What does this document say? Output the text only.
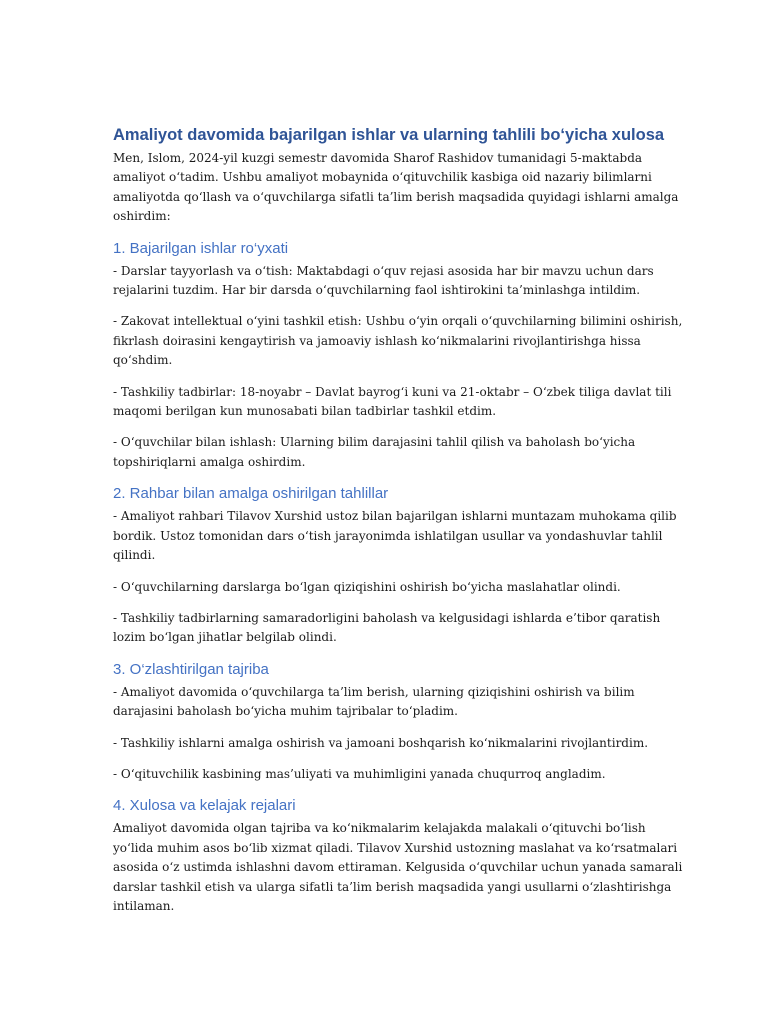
Amaliyot davomida bajarilgan ishlar va ularning tahlili bo‘yicha xulosa

Men, Islom, 2024-yil kuzgi semestr davomida Sharof Rashidov tumanidagi 5-maktabda amaliyot o‘tadim. Ushbu amaliyot mobaynida o‘qituvchilik kasbiga oid nazariy bilimlarni amaliyotda qo‘llash va o‘quvchilarga sifatli ta’lim berish maqsadida quyidagi ishlarni amalga oshirdim:

1. Bajarilgan ishlar ro‘yxati

- Darslar tayyorlash va o‘tish: Maktabdagi o‘quv rejasi asosida har bir mavzu uchun dars rejalarini tuzdim. Har bir darsda o‘quvchilarning faol ishtirokini ta’minlashga intildim.

- Zakovat intellektual o‘yini tashkil etish: Ushbu o‘yin orqali o‘quvchilarning bilimini oshirish, fikrlash doirasini kengaytirish va jamoaviy ishlash ko‘nikmalarini rivojlantirishga hissa qo‘shdim.

- Tashkiliy tadbirlar: 18-noyabr – Davlat bayrog‘i kuni va 21-oktabr – O‘zbek tiliga davlat tili maqomi berilgan kun munosabati bilan tadbirlar tashkil etdim.

- O‘quvchilar bilan ishlash: Ularning bilim darajasini tahlil qilish va baholash bo‘yicha topshiriqlarni amalga oshirdim.

2. Rahbar bilan amalga oshirilgan tahlillar

- Amaliyot rahbari Tilavov Xurshid ustoz bilan bajarilgan ishlarni muntazam muhokama qilib bordik. Ustoz tomonidan dars o‘tish jarayonimda ishlatilgan usullar va yondashuvlar tahlil qilindi.

- O‘quvchilarning darslarga bo‘lgan qiziqishini oshirish bo‘yicha maslahatlar olindi.

- Tashkiliy tadbirlarning samaradorligini baholash va kelgusidagi ishlarda e’tibor qaratish lozim bo‘lgan jihatlar belgilab olindi.

3. O‘zlashtirilgan tajriba

- Amaliyot davomida o‘quvchilarga ta’lim berish, ularning qiziqishini oshirish va bilim darajasini baholash bo‘yicha muhim tajribalar to‘pladim.

- Tashkiliy ishlarni amalga oshirish va jamoani boshqarish ko‘nikmalarini rivojlantirdim.

- O‘qituvchilik kasbining mas’uliyati va muhimligini yanada chuqurroq angladim.

4. Xulosa va kelajak rejalari

Amaliyot davomida olgan tajriba va ko‘nikmalarim kelajakda malakali o‘qituvchi bo‘lish yo‘lida muhim asos bo‘lib xizmat qiladi. Tilavov Xurshid ustozning maslahat va ko‘rsatmalari asosida o‘z ustimda ishlashni davom ettiraman. Kelgusida o‘quvchilar uchun yanada samarali darslar tashkil etish va ularga sifatli ta’lim berish maqsadida yangi usullarni o‘zlashtirishga intilaman.
